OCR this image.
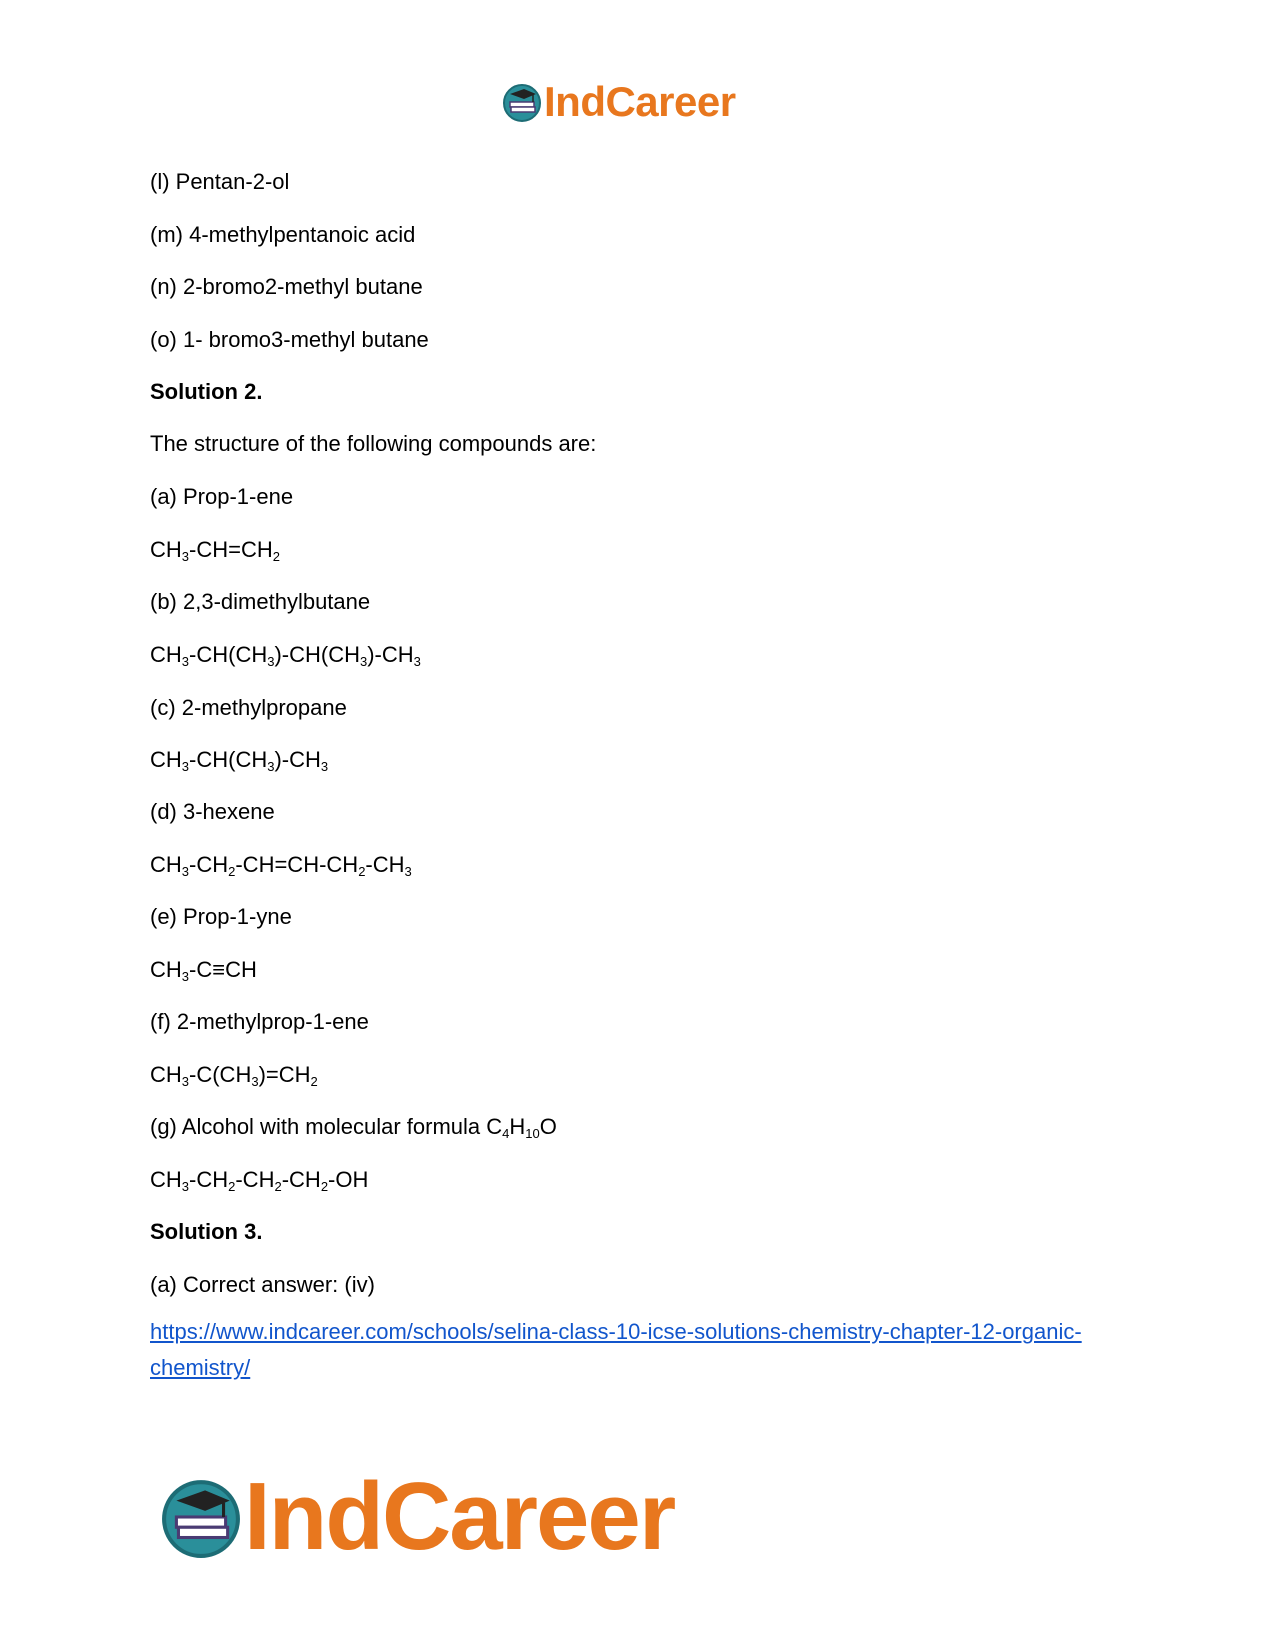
IndCareer
(l) Pentan-2-ol
(m) 4-methylpentanoic acid
(n) 2-bromo2-methyl butane
(o) 1- bromo3-methyl butane
Solution 2.
The structure of the following compounds are:
(a) Prop-1-ene
$CH_3-CH=CH_2$
(b) 2,3-dimethylbutane
$CH_3-CH(CH_3)-CH(CH_3)-CH_3$
(c) 2-methylpropane
$CH_3-CH(CH_3)-CH_3$
(d) 3-hexene
$CH_3-CH_2-CH=CH-CH_2-CH_3$
(e) Prop-1-yne
$CH_3-C\equiv CH$
(f) 2-methylprop-1-ene
$CH_3-C(CH_3)=CH_2$
(g) Alcohol with molecular formula $C_4H_{10}O$
$CH_3-CH_2-CH_2-CH_2-OH$
Solution 3.
(a) Correct answer: (iv)
https://www.indcareer.com/schools/selina-class-10-icse-solutions-chemistry-chapter-12-organic-
chemistry/
IndCareer
